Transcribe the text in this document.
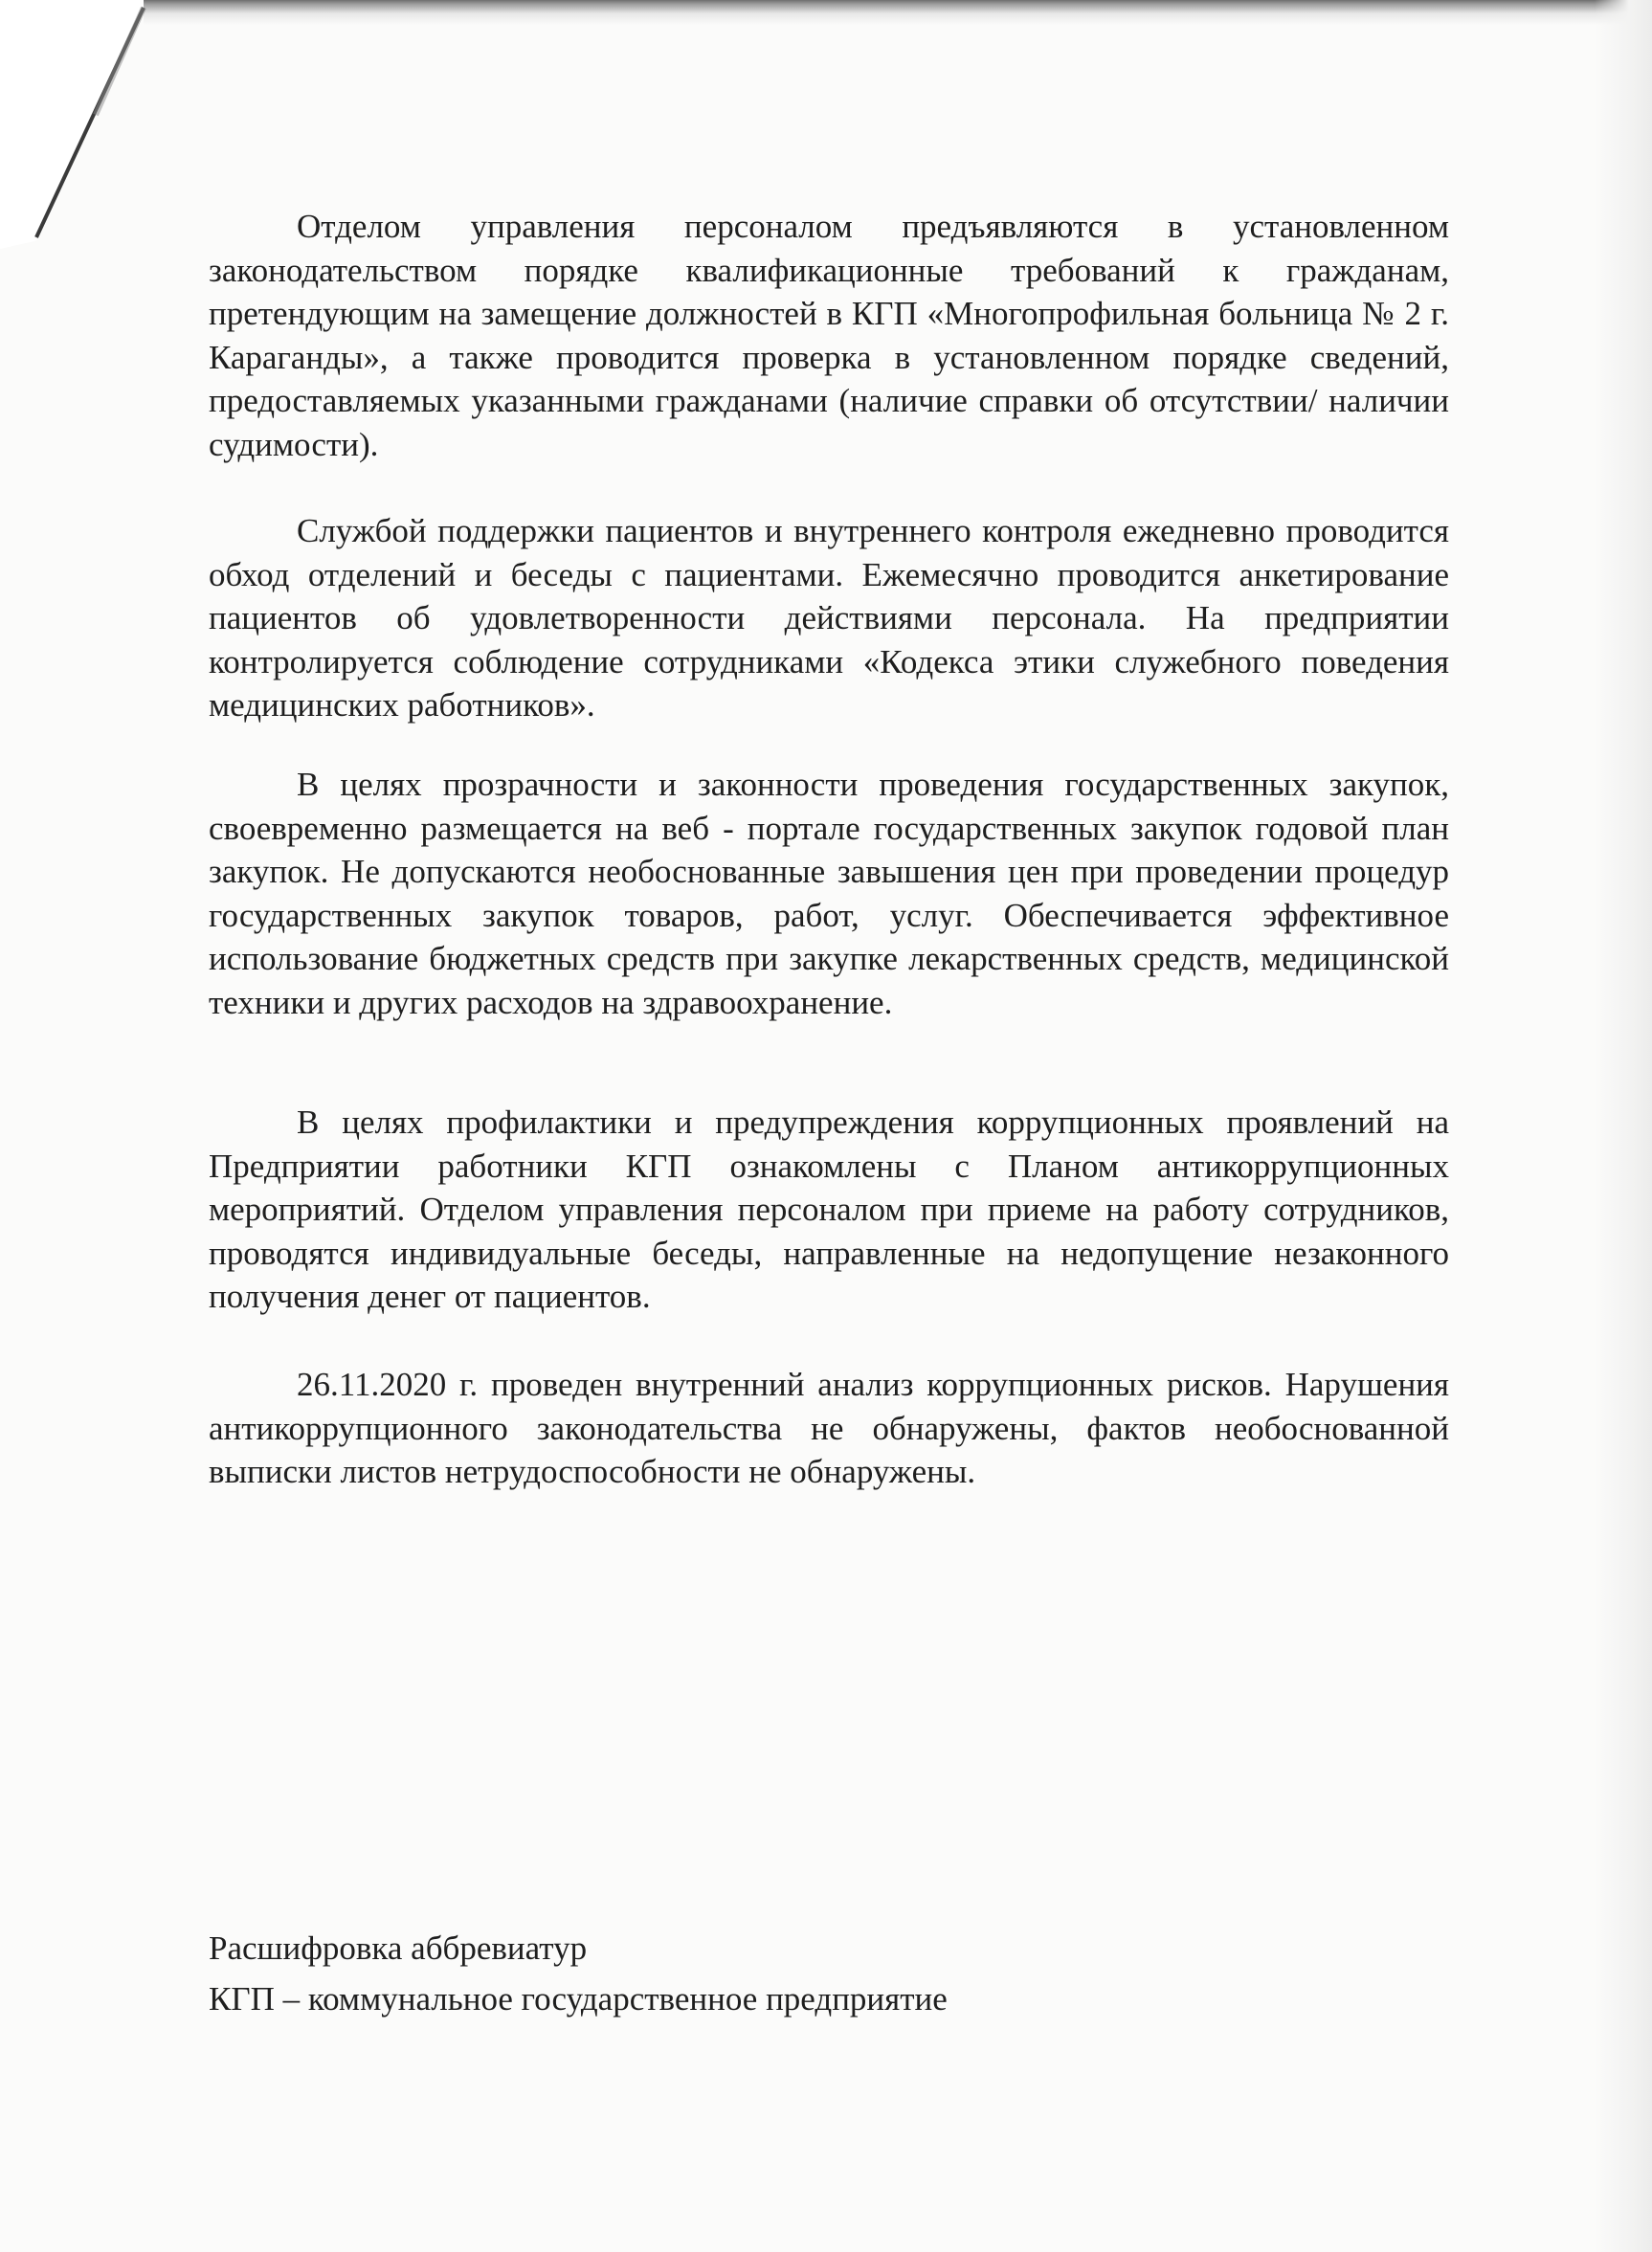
Отделом управления персоналом предъявляются в установленном законодательством порядке квалификационные требований к гражданам, претендующим на замещение должностей в КГП «Многопрофильная больница № 2 г. Караганды», а также проводится проверка в установленном порядке сведений, предоставляемых указанными гражданами (наличие справки об отсутствии/ наличии судимости).

Службой поддержки пациентов и внутреннего контроля ежедневно проводится обход отделений и беседы с пациентами. Ежемесячно проводится анкетирование пациентов об удовлетворенности действиями персонала. На предприятии контролируется соблюдение сотрудниками «Кодекса этики служебного поведения медицинских работников».

В целях прозрачности и законности проведения государственных закупок, своевременно размещается на веб - портале государственных закупок годовой план закупок. Не допускаются необоснованные завышения цен при проведении процедур государственных закупок товаров, работ, услуг. Обеспечивается эффективное использование бюджетных средств при закупке лекарственных средств, медицинской техники и других расходов на здравоохранение.

В целях профилактики и предупреждения коррупционных проявлений на Предприятии работники КГП ознакомлены с Планом антикоррупционных мероприятий. Отделом управления персоналом при приеме на работу сотрудников, проводятся индивидуальные беседы, направленные на недопущение незаконного получения денег от пациентов.

26.11.2020 г. проведен внутренний анализ коррупционных рисков. Нарушения антикоррупционного законодательства не обнаружены, фактов необоснованной выписки листов нетрудоспособности не обнаружены.

Расшифровка аббревиатур

КГП – коммунальное государственное предприятие
